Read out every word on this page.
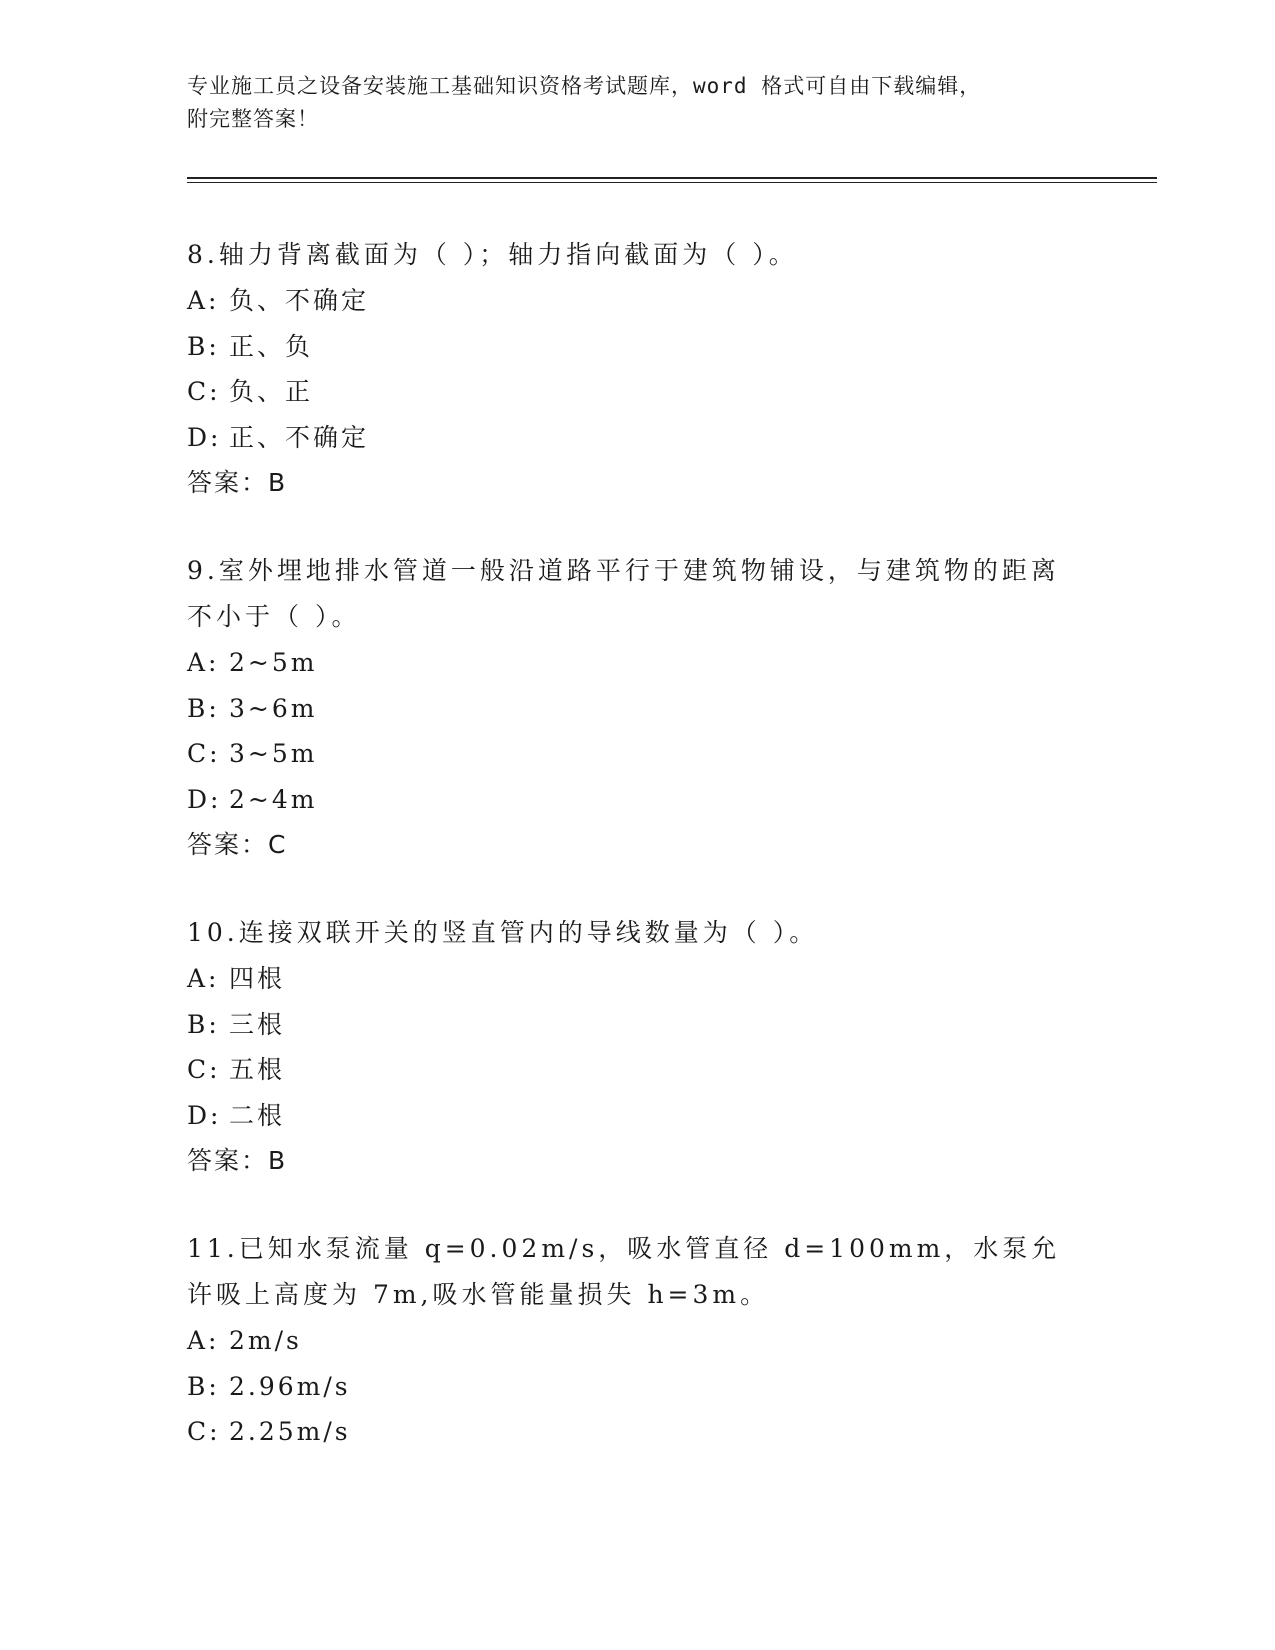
专业施工员之设备安装施工基础知识资格考试题库，word 格式可自由下载编辑，
附完整答案！

8.轴力背离截面为（ ）；轴力指向截面为（ ）。

A: 负、不确定

B: 正、负

C: 负、正

D: 正、不确定

答案：B

9.室外埋地排水管道一般沿道路平行于建筑物铺设，与建筑物的距离不小于（ ）。

A: 2~5m

B: 3~6m

C: 3~5m

D: 2~4m

答案：C

10.连接双联开关的竖直管内的导线数量为（ ）。

A: 四根

B: 三根

C: 五根

D: 二根

答案：B

11.已知水泵流量 q=0.02m/s，吸水管直径 d=100mm，水泵允许吸上高度为 7m,吸水管能量损失 h=3m。

A: 2m/s

B: 2.96m/s

C: 2.25m/s
